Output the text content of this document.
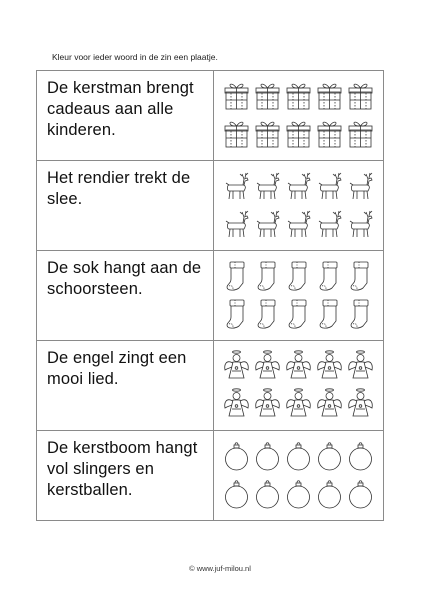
Kleur voor ieder woord in de zin een plaatje.
De kerstman brengt cadeaus aan alle kinderen.

Het rendier trekt de slee.

De sok hangt aan de schoorsteen.

De engel zingt een mooi lied.

De kerstboom hangt vol slingers en kerstballen.

© www.juf-milou.nl
